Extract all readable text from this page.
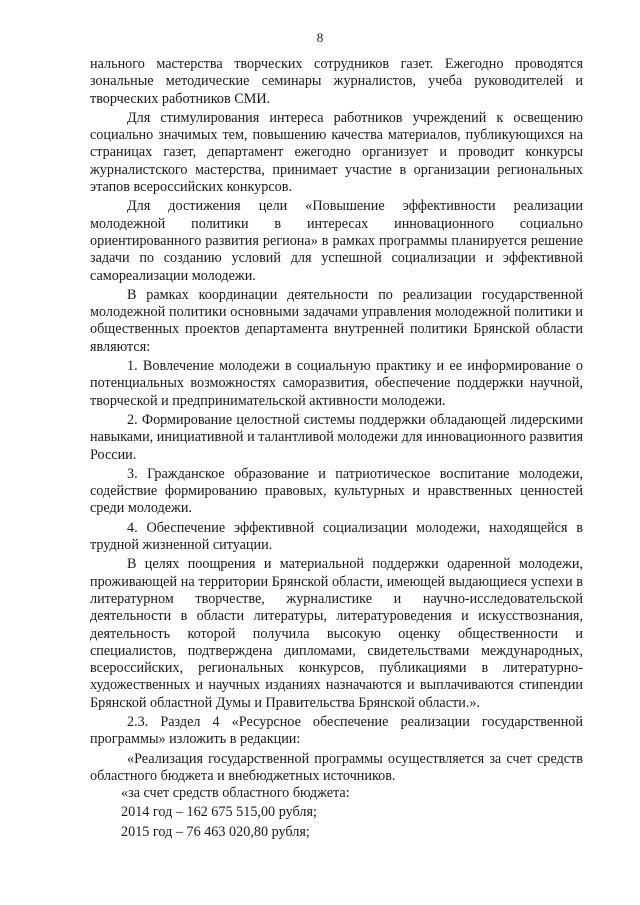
8

нального мастерства творческих сотрудников газет. Ежегодно проводятся зональные методические семинары журналистов, учеба руководителей и творческих работников СМИ.

Для стимулирования интереса работников учреждений к освещению социально значимых тем, повышению качества материалов, публикующихся на страницах газет, департамент ежегодно организует и проводит конкурсы журналистского мастерства, принимает участие в организации региональных этапов всероссийских конкурсов.

Для достижения цели «Повышение эффективности реализации молодежной политики в интересах инновационного социально ориентированного развития региона» в рамках программы планируется решение задачи по созданию условий для успешной социализации и эффективной самореализации молодежи.

В рамках координации деятельности по реализации государственной молодежной политики основными задачами управления молодежной политики и общественных проектов департамента внутренней политики Брянской области являются:

1. Вовлечение молодежи в социальную практику и ее информирование о потенциальных возможностях саморазвития, обеспечение поддержки научной, творческой и предпринимательской активности молодежи.

2. Формирование целостной системы поддержки обладающей лидерскими навыками, инициативной и талантливой молодежи для инновационного развития России.

3. Гражданское образование и патриотическое воспитание молодежи, содействие формированию правовых, культурных и нравственных ценностей среди молодежи.

4. Обеспечение эффективной социализации молодежи, находящейся в трудной жизненной ситуации.

В целях поощрения и материальной поддержки одаренной молодежи, проживающей на территории Брянской области, имеющей выдающиеся успехи в литературном творчестве, журналистике и научно-исследовательской деятельности в области литературы, литературоведения и искусствознания, деятельность которой получила высокую оценку общественности и специалистов, подтверждена дипломами, свидетельствами международных, всероссийских, региональных конкурсов, публикациями в литературно-художественных и научных изданиях назначаются и выплачиваются стипендии Брянской областной Думы и Правительства Брянской области.».

2.3. Раздел 4 «Ресурсное обеспечение реализации государственной программы» изложить в редакции:

«Реализация государственной программы осуществляется за счет средств областного бюджета и внебюджетных источников.

«за счет средств областного бюджета:

2014 год – 162 675 515,00 рубля;

2015 год – 76 463 020,80 рубля;
